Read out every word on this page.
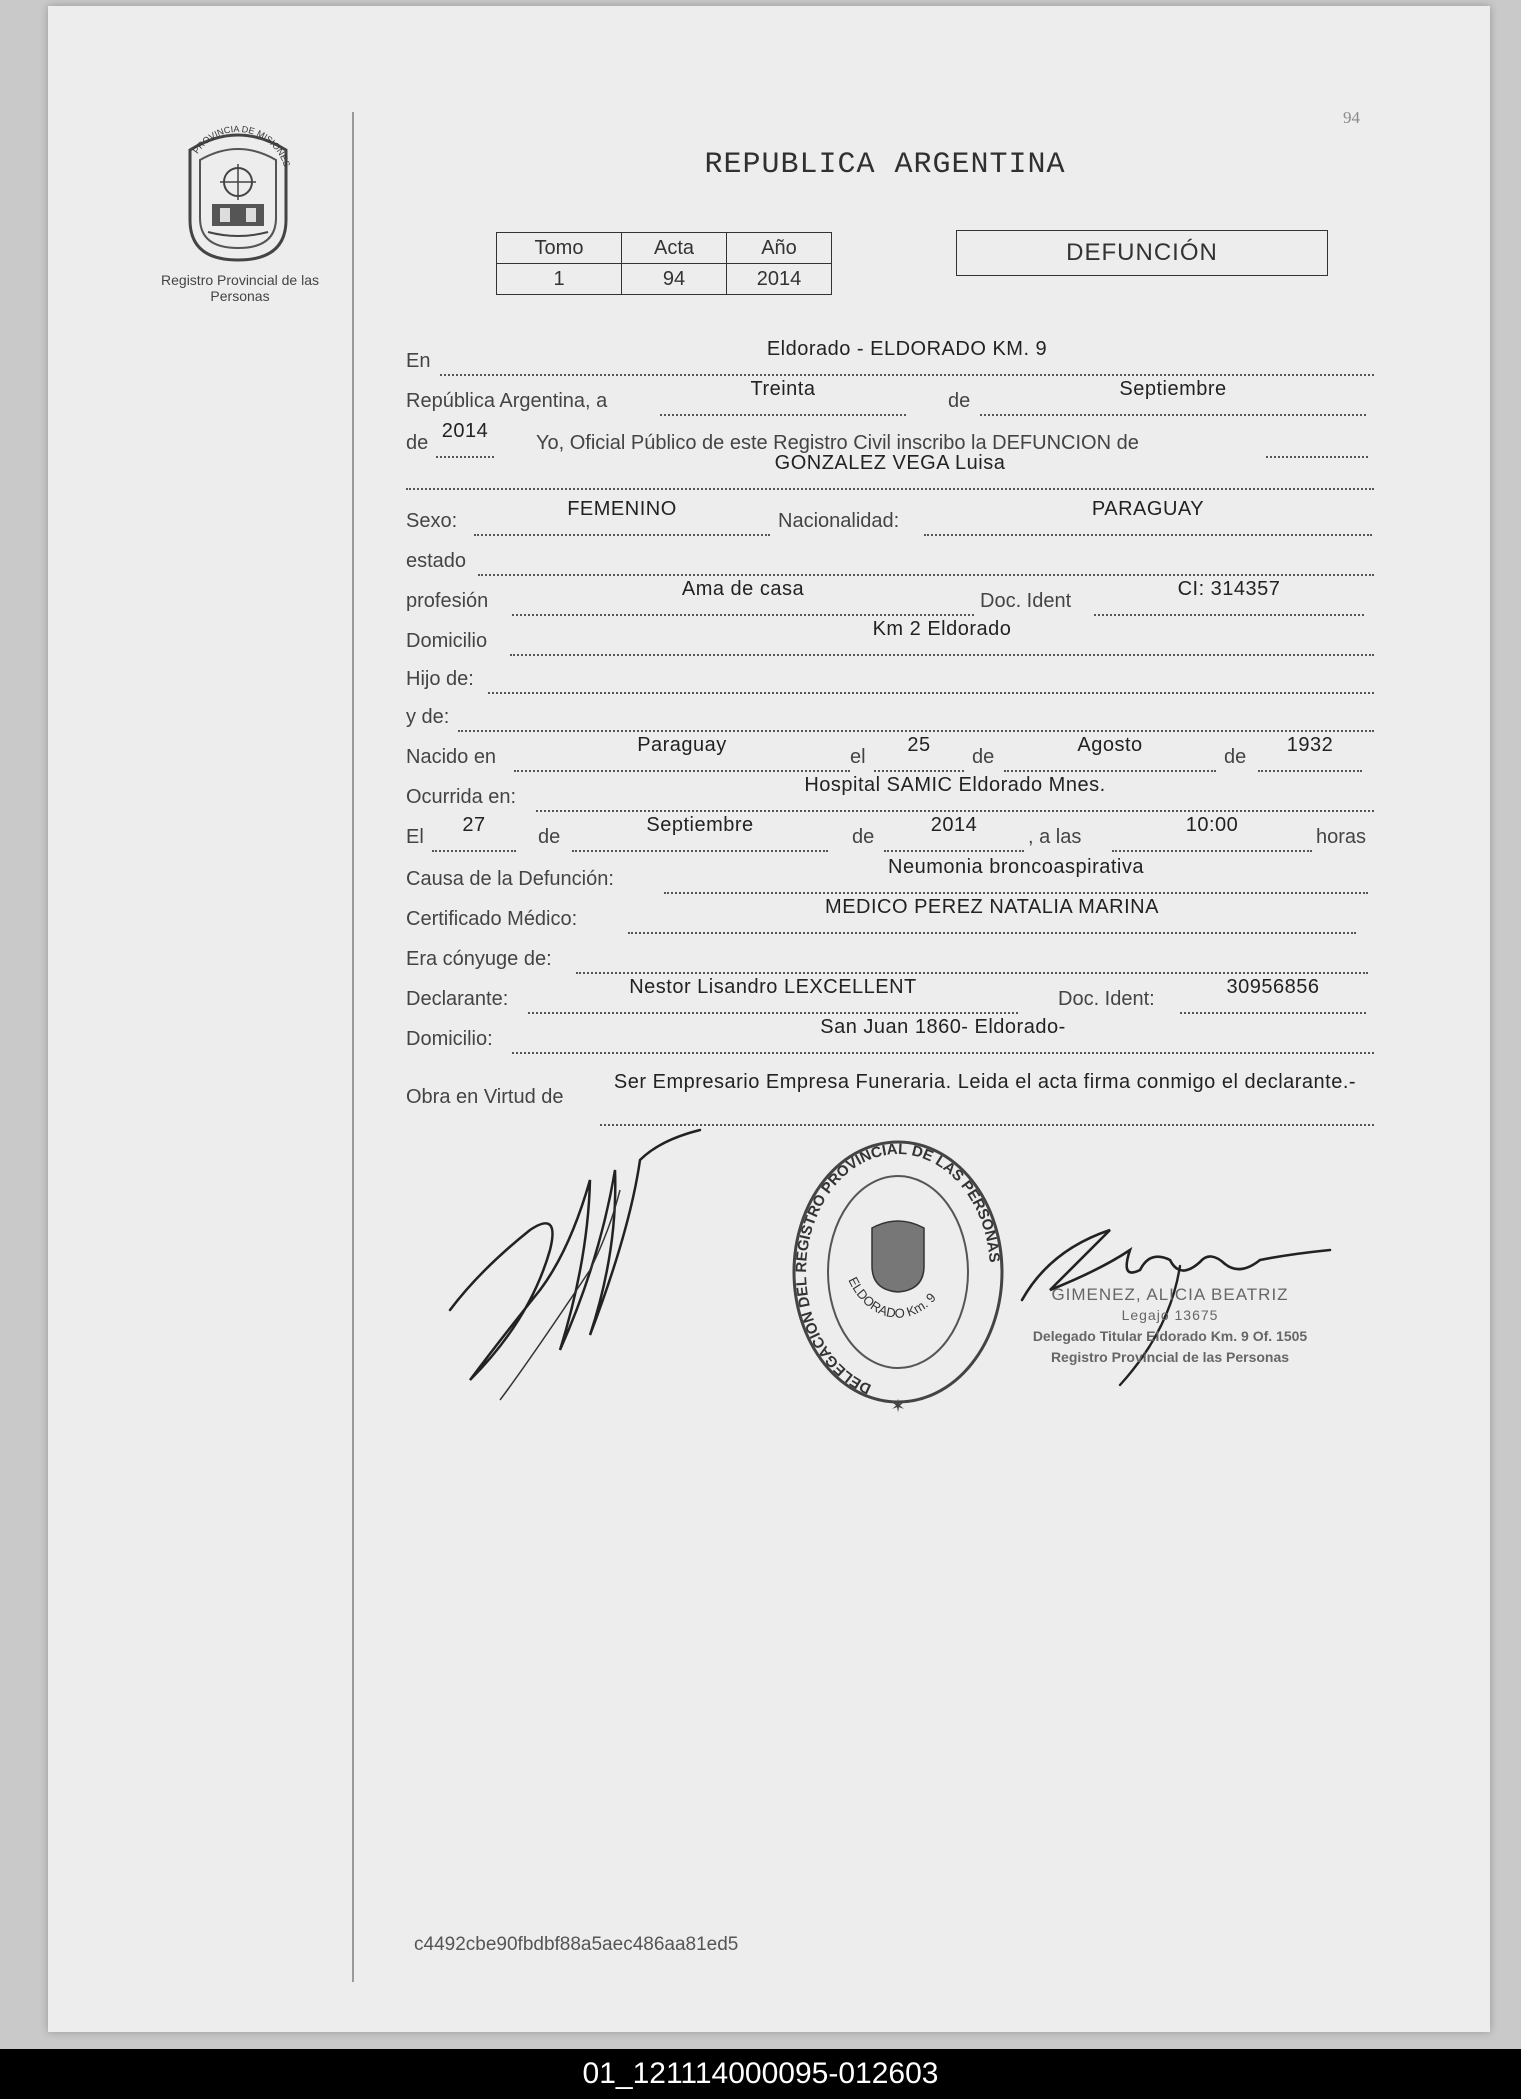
94
PROVINCIA DE MISIONES
Registro Provincial de las Personas
REPUBLICA ARGENTINA
Tomo	Acta	Año
1	94	2014
DEFUNCIÓN
En
Eldorado - ELDORADO KM. 9
República Argentina, a
Treinta
de
Septiembre
de
2014
Yo, Oficial Público de este Registro Civil inscribo la DEFUNCION de
GONZALEZ VEGA Luisa
Sexo:
FEMENINO
Nacionalidad:
PARAGUAY
estado
profesión
Ama de casa
Doc. Ident
CI: 314357
Domicilio
Km 2 Eldorado
Hijo de:
y de:
Nacido en
Paraguay
el
25
de
Agosto
de
1932
Ocurrida en:
Hospital SAMIC Eldorado Mnes.
El
27
de
Septiembre
de
2014
, a las
10:00
horas
Causa de la Defunción:
Neumonia broncoaspirativa
Certificado Médico:
MEDICO PEREZ NATALIA MARINA
Era cónyuge de:
Declarante:
Nestor Lisandro LEXCELLENT
Doc. Ident:
30956856
Domicilio:
San Juan 1860- Eldorado-
Obra en Virtud de
Ser Empresario Empresa Funeraria. Leida el acta firma conmigo el declarante.-
DELEGACION DEL REGISTRO PROVINCIAL DE LAS PERSONAS
ELDORADO Km. 9
✶
GIMENEZ, ALICIA BEATRIZ
Legajo 13675
Delegado Titular Eldorado Km. 9 Of. 1505
Registro Provincial de las Personas
c4492cbe90fbdbf88a5aec486aa81ed5
01_121114000095-012603
